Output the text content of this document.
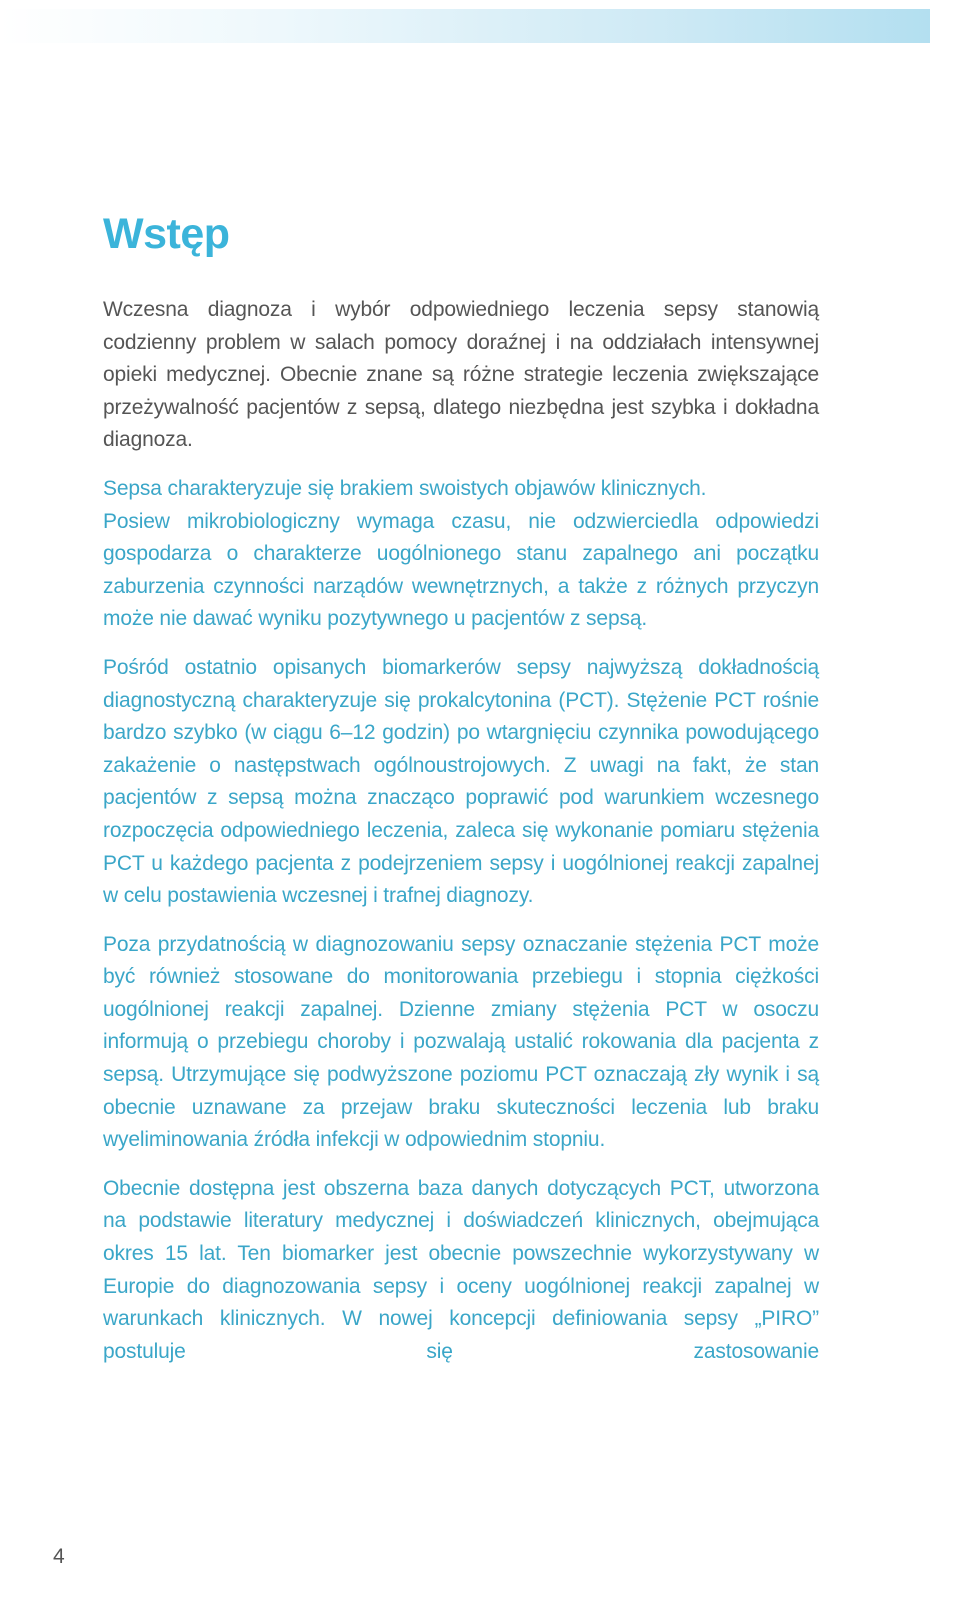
Wstęp

Wczesna diagnoza i wybór odpowiedniego leczenia sepsy stanowią codzienny problem w salach pomocy doraźnej i na oddziałach intensywnej opieki medycznej. Obecnie znane są różne strategie leczenia zwiększające przeżywalność pacjentów z sepsą, dlatego niezbędna jest szybka i dokładna diagnoza.

Sepsa charakteryzuje się brakiem swoistych objawów klinicznych.

Posiew mikrobiologiczny wymaga czasu, nie odzwierciedla odpowiedzi gospodarza o charakterze uogólnionego stanu zapalnego ani początku zaburzenia czynności narządów wewnętrznych, a także z różnych przyczyn może nie dawać wyniku pozytywnego u pacjentów z sepsą.

Pośród ostatnio opisanych biomarkerów sepsy najwyższą dokładnością diagnostyczną charakteryzuje się prokalcytonina (PCT). Stężenie PCT rośnie bardzo szybko (w ciągu 6–12 godzin) po wtargnięciu czynnika powodującego zakażenie o następstwach ogólnoustrojowych. Z uwagi na fakt, że stan pacjentów z sepsą można znacząco poprawić pod warunkiem wczesnego rozpoczęcia odpowiedniego leczenia, zaleca się wykonanie pomiaru stężenia PCT u każdego pacjenta z podejrzeniem sepsy i uogólnionej reakcji zapalnej w celu postawienia wczesnej i trafnej diagnozy.

Poza przydatnością w diagnozowaniu sepsy oznaczanie stężenia PCT może być również stosowane do monitorowania przebiegu i stopnia ciężkości uogólnionej reakcji zapalnej. Dzienne zmiany stężenia PCT w osoczu informują o przebiegu choroby i pozwalają ustalić rokowania dla pacjenta z sepsą. Utrzymujące się podwyższone poziomu PCT oznaczają zły wynik i są obecnie uznawane za przejaw braku skuteczności leczenia lub braku wyeliminowania źródła infekcji w odpowiednim stopniu.

Obecnie dostępna jest obszerna baza danych dotyczących PCT, utworzona na podstawie literatury medycznej i doświadczeń klinicznych, obejmująca okres 15 lat. Ten biomarker jest obecnie powszechnie wykorzystywany w Europie do diagnozowania sepsy i oceny uogólnionej reakcji zapalnej w warunkach klinicznych. W nowej koncepcji definiowania sepsy „PIRO” postuluje się zastosowanie

4
